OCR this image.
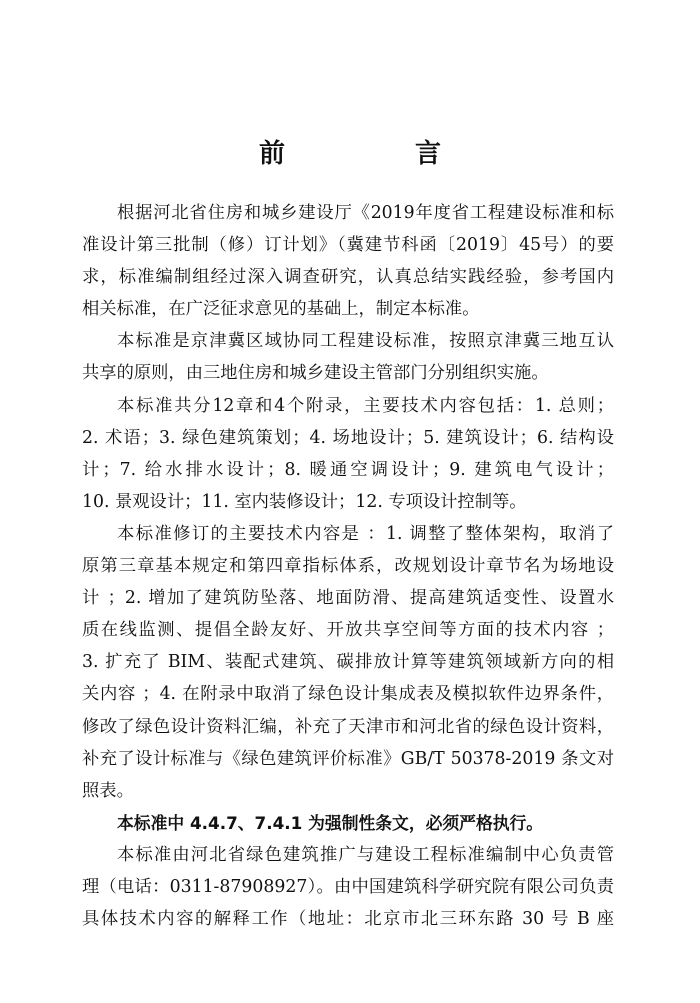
前　言
根据河北省住房和城乡建设厅《2019年度省工程建设标准和标
准设计第三批制（修）订计划》（冀建节科函〔2019〕45号）的要
求，标准编制组经过深入调查研究，认真总结实践经验，参考国内
相关标准，在广泛征求意见的基础上，制定本标准。
本标准是京津冀区域协同工程建设标准，按照京津冀三地互认
共享的原则，由三地住房和城乡建设主管部门分别组织实施。
本标准共分12章和4个附录，主要技术内容包括：1. 总则；
2. 术语；3. 绿色建筑策划；4. 场地设计；5. 建筑设计；6. 结构设
计；7. 给水排水设计；8. 暖通空调设计；9. 建筑电气设计；
10. 景观设计；11. 室内装修设计；12. 专项设计控制等。
本标准修订的主要技术内容是 ：1. 调整了整体架构，取消了
原第三章基本规定和第四章指标体系，改规划设计章节名为场地设
计 ；2. 增加了建筑防坠落、地面防滑、提高建筑适变性、设置水
质在线监测、提倡全龄友好、开放共享空间等方面的技术内容 ；
3. 扩充了 BIM、装配式建筑、碳排放计算等建筑领域新方向的相
关内容 ；4. 在附录中取消了绿色设计集成表及模拟软件边界条件，
修改了绿色设计资料汇编，补充了天津市和河北省的绿色设计资料，
补充了设计标准与《绿色建筑评价标准》GB/T 50378-2019 条文对
照表。
本标准中 4.4.7、7.4.1 为强制性条文，必须严格执行。
本标准由河北省绿色建筑推广与建设工程标准编制中心负责管
理（电话：0311-87908927）。由中国建筑科学研究院有限公司负责
具体技术内容的解释工作（地址：北京市北三环东路 30 号 B 座
